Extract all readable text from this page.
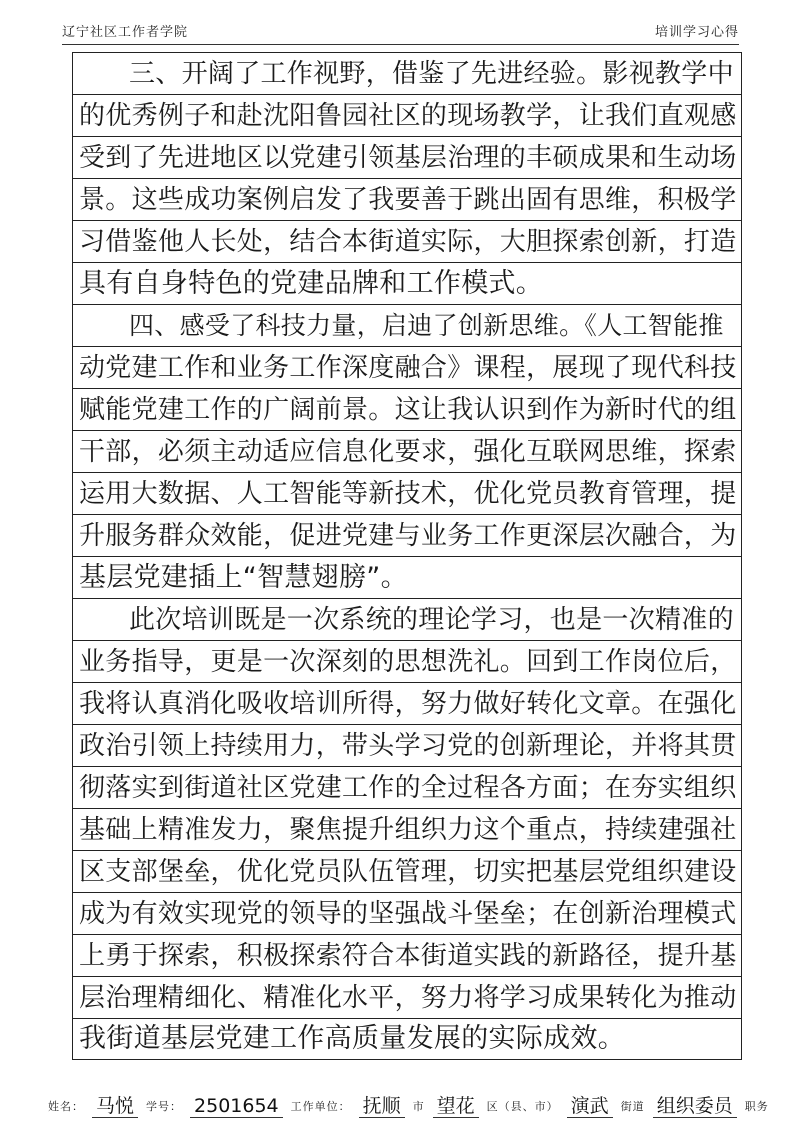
辽宁社区工作者学院	培训学习心得
三、开阔了工作视野，借鉴了先进经验。影视教学中
的优秀例子和赴沈阳鲁园社区的现场教学，让我们直观感
受到了先进地区以党建引领基层治理的丰硕成果和生动场
景。这些成功案例启发了我要善于跳出固有思维，积极学
习借鉴他人长处，结合本街道实际，大胆探索创新，打造
具有自身特色的党建品牌和工作模式。
四、感受了科技力量，启迪了创新思维。《人工智能推
动党建工作和业务工作深度融合》课程，展现了现代科技
赋能党建工作的广阔前景。这让我认识到作为新时代的组
干部，必须主动适应信息化要求，强化互联网思维，探索
运用大数据、人工智能等新技术，优化党员教育管理，提
升服务群众效能，促进党建与业务工作更深层次融合，为
基层党建插上“智慧翅膀”。
此次培训既是一次系统的理论学习，也是一次精准的
业务指导，更是一次深刻的思想洗礼。回到工作岗位后，
我将认真消化吸收培训所得，努力做好转化文章。在强化
政治引领上持续用力，带头学习党的创新理论，并将其贯
彻落实到街道社区党建工作的全过程各方面；在夯实组织
基础上精准发力，聚焦提升组织力这个重点，持续建强社
区支部堡垒，优化党员队伍管理，切实把基层党组织建设
成为有效实现党的领导的坚强战斗堡垒；在创新治理模式
上勇于探索，积极探索符合本街道实践的新路径，提升基
层治理精细化、精准化水平，努力将学习成果转化为推动
我街道基层党建工作高质量发展的实际成效。
姓名： 马悦	学号： 2501654	工作单位： 抚顺	市 望花	区（县、市） 演武	街道 组织委员	职务
